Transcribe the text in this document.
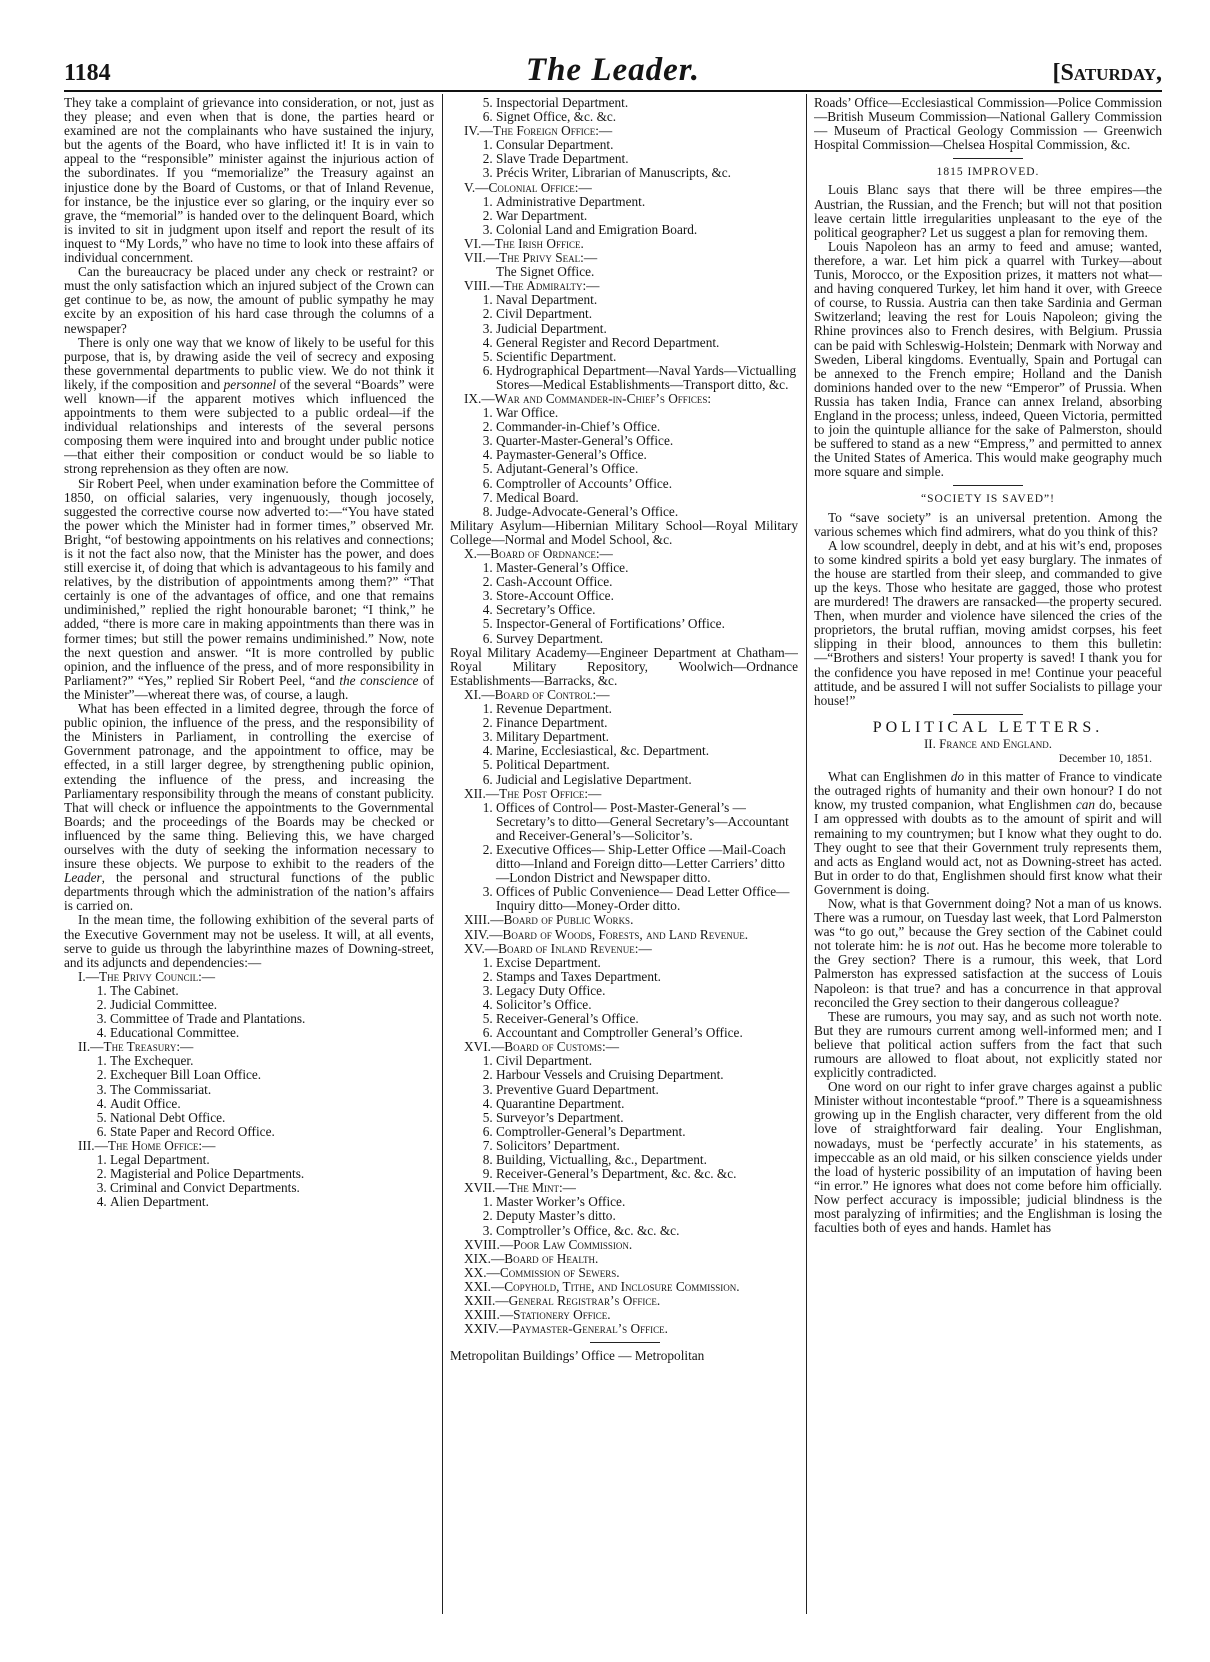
1184	The Leader.	[Saturday,

They take a complaint of grievance into consideration, or not, just as they please; and even when that is done, the parties heard or examined are not the complainants who have sustained the injury, but the agents of the Board, who have inflicted it! It is in vain to appeal to the “responsible” minister against the injurious action of the subordinates. If you “memorialize” the Treasury against an injustice done by the Board of Customs, or that of Inland Revenue, for instance, be the injustice ever so glaring, or the inquiry ever so grave, the “memorial” is handed over to the delinquent Board, which is invited to sit in judgment upon itself and report the result of its inquest to “My Lords,” who have no time to look into these affairs of individual concernment.

Can the bureaucracy be placed under any check or restraint? or must the only satisfaction which an injured subject of the Crown can get continue to be, as now, the amount of public sympathy he may excite by an exposition of his hard case through the columns of a newspaper?

There is only one way that we know of likely to be useful for this purpose, that is, by drawing aside the veil of secrecy and exposing these governmental departments to public view. We do not think it likely, if the composition and personnel of the several “Boards” were well known—if the apparent motives which influenced the appointments to them were subjected to a public ordeal—if the individual relationships and interests of the several persons composing them were inquired into and brought under public notice—that either their composition or conduct would be so liable to strong reprehension as they often are now.

Sir Robert Peel, when under examination before the Committee of 1850, on official salaries, very ingenuously, though jocosely, suggested the corrective course now adverted to:—“You have stated the power which the Minister had in former times,” observed Mr. Bright, “of bestowing appointments on his relatives and connections; is it not the fact also now, that the Minister has the power, and does still exercise it, of doing that which is advantageous to his family and relatives, by the distribution of appointments among them?” “That certainly is one of the advantages of office, and one that remains undiminished,” replied the right honourable baronet; “I think,” he added, “there is more care in making appointments than there was in former times; but still the power remains undiminished.” Now, note the next question and answer. “It is more controlled by public opinion, and the influence of the press, and of more responsibility in Parliament?” “Yes,” replied Sir Robert Peel, “and the conscience of the Minister”—whereat there was, of course, a laugh.

What has been effected in a limited degree, through the force of public opinion, the influence of the press, and the responsibility of the Ministers in Parliament, in controlling the exercise of Government patronage, and the appointment to office, may be effected, in a still larger degree, by strengthening public opinion, extending the influence of the press, and increasing the Parliamentary responsibility through the means of constant publicity. That will check or influence the appointments to the Governmental Boards; and the proceedings of the Boards may be checked or influenced by the same thing. Believing this, we have charged ourselves with the duty of seeking the information necessary to insure these objects. We purpose to exhibit to the readers of the Leader, the personal and structural functions of the public departments through which the administration of the nation’s affairs is carried on.

In the mean time, the following exhibition of the several parts of the Executive Government may not be useless. It will, at all events, serve to guide us through the labyrinthine mazes of Downing-street, and its adjuncts and dependencies:—

I.—The Privy Council:—
1. The Cabinet.
2. Judicial Committee.
3. Committee of Trade and Plantations.
4. Educational Committee.
II.—The Treasury:—
1. The Exchequer.
2. Exchequer Bill Loan Office.
3. The Commissariat.
4. Audit Office.
5. National Debt Office.
6. State Paper and Record Office.
III.—The Home Office:—
1. Legal Department.
2. Magisterial and Police Departments.
3. Criminal and Convict Departments.
4. Alien Department.
5. Inspectorial Department.
6. Signet Office, &c. &c.
IV.—The Foreign Office:—
1. Consular Department.
2. Slave Trade Department.
3. Précis Writer, Librarian of Manuscripts, &c.
V.—Colonial Office:—
1. Administrative Department.
2. War Department.
3. Colonial Land and Emigration Board.
VI.—The Irish Office.
VII.—The Privy Seal:—
The Signet Office.
VIII.—The Admiralty:—
1. Naval Department.
2. Civil Department.
3. Judicial Department.
4. General Register and Record Department.
5. Scientific Department.
6. Hydrographical Department—Naval Yards—Victualling Stores—Medical Establishments—Transport ditto, &c.
IX.—War and Commander-in-Chief’s Offices:
1. War Office.
2. Commander-in-Chief’s Office.
3. Quarter-Master-General’s Office.
4. Paymaster-General’s Office.
5. Adjutant-General’s Office.
6. Comptroller of Accounts’ Office.
7. Medical Board.
8. Judge-Advocate-General’s Office.
Military Asylum—Hibernian Military School—Royal Military College—Normal and Model School, &c.
X.—Board of Ordnance:—
1. Master-General’s Office.
2. Cash-Account Office.
3. Store-Account Office.
4. Secretary’s Office.
5. Inspector-General of Fortifications’ Office.
6. Survey Department.
Royal Military Academy—Engineer Department at Chatham—Royal Military Repository, Woolwich—Ordnance Establishments—Barracks, &c.
XI.—Board of Control:—
1. Revenue Department.
2. Finance Department.
3. Military Department.
4. Marine, Ecclesiastical, &c. Department.
5. Political Department.
6. Judicial and Legislative Department.
XII.—The Post Office:—
1. Offices of Control— Post-Master-General’s — Secretary’s to ditto—General Secretary’s—Accountant and Receiver-General’s—Solicitor’s.
2. Executive Offices— Ship-Letter Office —Mail-Coach ditto—Inland and Foreign ditto—Letter Carriers’ ditto—London District and Newspaper ditto.
3. Offices of Public Convenience— Dead Letter Office—Inquiry ditto—Money-Order ditto.
XIII.—Board of Public Works.
XIV.—Board of Woods, Forests, and Land Revenue.
XV.—Board of Inland Revenue:—
1. Excise Department.
2. Stamps and Taxes Department.
3. Legacy Duty Office.
4. Solicitor’s Office.
5. Receiver-General’s Office.
6. Accountant and Comptroller General’s Office.
XVI.—Board of Customs:—
1. Civil Department.
2. Harbour Vessels and Cruising Department.
3. Preventive Guard Department.
4. Quarantine Department.
5. Surveyor’s Department.
6. Comptroller-General’s Department.
7. Solicitors’ Department.
8. Building, Victualling, &c., Department.
9. Receiver-General’s Department, &c. &c. &c.
XVII.—The Mint:—
1. Master Worker’s Office.
2. Deputy Master’s ditto.
3. Comptroller’s Office, &c. &c. &c.
XVIII.—Poor Law Commission.
XIX.—Board of Health.
XX.—Commission of Sewers.
XXI.—Copyhold, Tithe, and Inclosure Commission.
XXII.—General Registrar’s Office.
XXIII.—Stationery Office.
XXIV.—Paymaster-General’s Office.
Metropolitan Buildings’ Office — Metropolitan
Roads’ Office—Ecclesiastical Commission—Police Commission—British Museum Commission—National Gallery Commission — Museum of Practical Geology Commission — Greenwich Hospital Commission—Chelsea Hospital Commission, &c.
1815 IMPROVED.

Louis Blanc says that there will be three empires—the Austrian, the Russian, and the French; but will not that position leave certain little irregularities unpleasant to the eye of the political geographer? Let us suggest a plan for removing them.

Louis Napoleon has an army to feed and amuse; wanted, therefore, a war. Let him pick a quarrel with Turkey—about Tunis, Morocco, or the Exposition prizes, it matters not what—and having conquered Turkey, let him hand it over, with Greece of course, to Russia. Austria can then take Sardinia and German Switzerland; leaving the rest for Louis Napoleon; giving the Rhine provinces also to French desires, with Belgium. Prussia can be paid with Schleswig-Holstein; Denmark with Norway and Sweden, Liberal kingdoms. Eventually, Spain and Portugal can be annexed to the French empire; Holland and the Danish dominions handed over to the new “Emperor” of Prussia. When Russia has taken India, France can annex Ireland, absorbing England in the process; unless, indeed, Queen Victoria, permitted to join the quintuple alliance for the sake of Palmerston, should be suffered to stand as a new “Empress,” and permitted to annex the United States of America. This would make geography much more square and simple.

“SOCIETY IS SAVED”!

To “save society” is an universal pretention. Among the various schemes which find admirers, what do you think of this?

A low scoundrel, deeply in debt, and at his wit’s end, proposes to some kindred spirits a bold yet easy burglary. The inmates of the house are startled from their sleep, and commanded to give up the keys. Those who hesitate are gagged, those who protest are murdered! The drawers are ransacked—the property secured. Then, when murder and violence have silenced the cries of the proprietors, the brutal ruffian, moving amidst corpses, his feet slipping in their blood, announces to them this bulletin:—“Brothers and sisters! Your property is saved! I thank you for the confidence you have reposed in me! Continue your peaceful attitude, and be assured I will not suffer Socialists to pillage your house!”

POLITICAL LETTERS.
II. France and England.
December 10, 1851.

What can Englishmen do in this matter of France to vindicate the outraged rights of humanity and their own honour? I do not know, my trusted companion, what Englishmen can do, because I am oppressed with doubts as to the amount of spirit and will remaining to my countrymen; but I know what they ought to do. They ought to see that their Government truly represents them, and acts as England would act, not as Downing-street has acted. But in order to do that, Englishmen should first know what their Government is doing.

Now, what is that Government doing? Not a man of us knows. There was a rumour, on Tuesday last week, that Lord Palmerston was “to go out,” because the Grey section of the Cabinet could not tolerate him: he is not out. Has he become more tolerable to the Grey section? There is a rumour, this week, that Lord Palmerston has expressed satisfaction at the success of Louis Napoleon: is that true? and has a concurrence in that approval reconciled the Grey section to their dangerous colleague?

These are rumours, you may say, and as such not worth note. But they are rumours current among well-informed men; and I believe that political action suffers from the fact that such rumours are allowed to float about, not explicitly stated nor explicitly contradicted.

One word on our right to infer grave charges against a public Minister without incontestable “proof.” There is a squeamishness growing up in the English character, very different from the old love of straightforward fair dealing. Your Englishman, nowadays, must be ‘perfectly accurate’ in his statements, as impeccable as an old maid, or his silken conscience yields under the load of hysteric possibility of an imputation of having been “in error.” He ignores what does not come before him officially. Now perfect accuracy is impossible; judicial blindness is the most paralyzing of infirmities; and the Englishman is losing the faculties both of eyes and hands. Hamlet has
